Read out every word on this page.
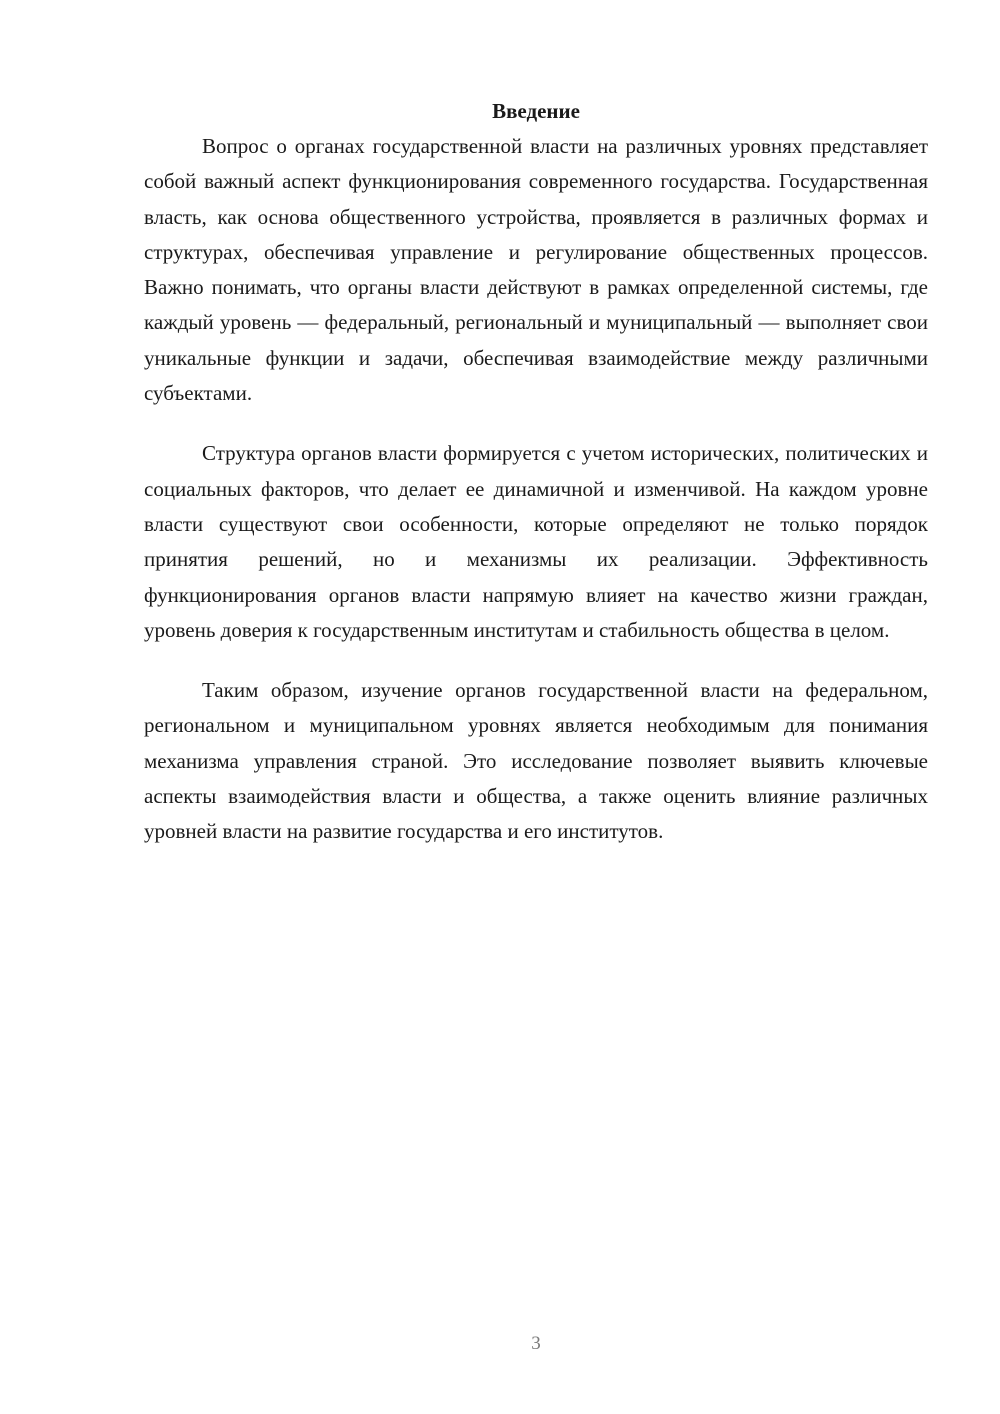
Введение

Вопрос о органах государственной власти на различных уровнях представляет собой важный аспект функционирования современного государства. Государственная власть, как основа общественного устройства, проявляется в различных формах и структурах, обеспечивая управление и регулирование общественных процессов. Важно понимать, что органы власти действуют в рамках определенной системы, где каждый уровень — федеральный, региональный и муниципальный — выполняет свои уникальные функции и задачи, обеспечивая взаимодействие между различными субъектами.

Структура органов власти формируется с учетом исторических, политических и социальных факторов, что делает ее динамичной и изменчивой. На каждом уровне власти существуют свои особенности, которые определяют не только порядок принятия решений, но и механизмы их реализации. Эффективность функционирования органов власти напрямую влияет на качество жизни граждан, уровень доверия к государственным институтам и стабильность общества в целом.

Таким образом, изучение органов государственной власти на федеральном, региональном и муниципальном уровнях является необходимым для понимания механизма управления страной. Это исследование позволяет выявить ключевые аспекты взаимодействия власти и общества, а также оценить влияние различных уровней власти на развитие государства и его институтов.

3
